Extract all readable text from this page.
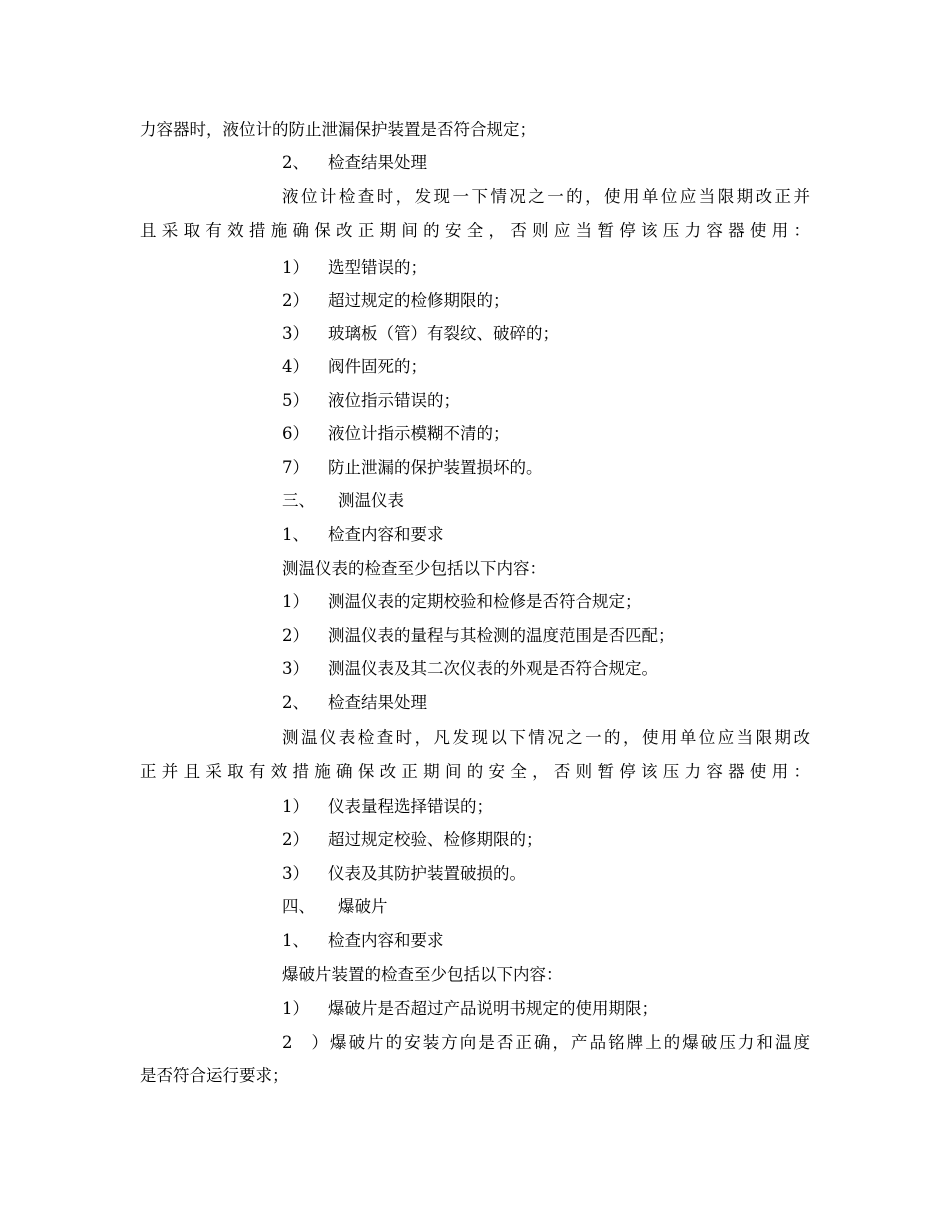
力容器时，液位计的防止泄漏保护装置是否符合规定；
2、 检查结果处理
液位计检查时，发现一下情况之一的，使用单位应当限期改正并
且采取有效措施确保改正期间的安全，否则应当暂停该压力容器使用：
1） 选型错误的；
2） 超过规定的检修期限的；
3） 玻璃板（管）有裂纹、破碎的；
4） 阀件固死的；
5） 液位指示错误的；
6） 液位计指示模糊不清的；
7） 防止泄漏的保护装置损坏的。
三、 测温仪表
1、 检查内容和要求
测温仪表的检查至少包括以下内容：
1） 测温仪表的定期校验和检修是否符合规定；
2） 测温仪表的量程与其检测的温度范围是否匹配；
3） 测温仪表及其二次仪表的外观是否符合规定。
2、 检查结果处理
测温仪表检查时，凡发现以下情况之一的，使用单位应当限期改
正并且采取有效措施确保改正期间的安全，否则暂停该压力容器使用：
1） 仪表量程选择错误的；
2） 超过规定校验、检修期限的；
3） 仪表及其防护装置破损的。
四、 爆破片
1、 检查内容和要求
爆破片装置的检查至少包括以下内容：
1） 爆破片是否超过产品说明书规定的使用期限；
2）爆破片的安装方向是否正确，产品铭牌上的爆破压力和温度
是否符合运行要求；
